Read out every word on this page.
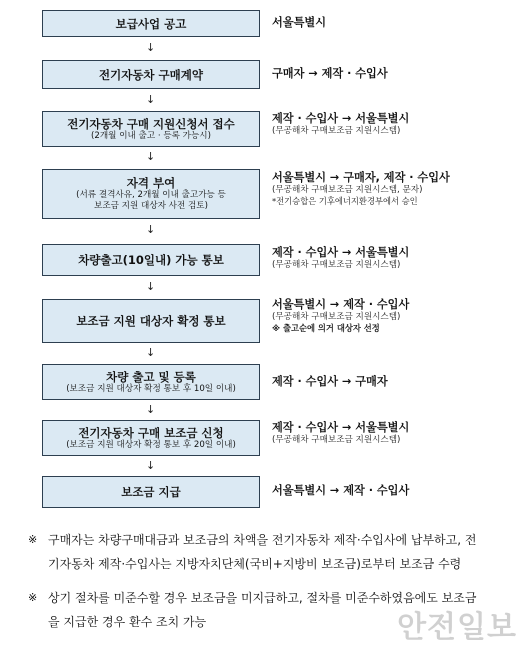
보급사업 공고	서울특별시
↓
전기자동차 구매계약	구매자 → 제작 · 수입사
↓
전기자동차 구매 지원신청서 접수
(2개월 이내 출고 · 등록 가능시)
제작 · 수입사 → 서울특별시
(무공해차 구매보조금 지원시스템)
↓
자격 부여
(서류 결격사유, 2개월 이내 출고가능 등
보조금 지원 대상자 사전 검토)
서울특별시 → 구매자, 제작 · 수입사
(무공해차 구매보조금 지원시스템, 문자)
*전기승합은 기후에너지환경부에서 승인
↓
차량출고(10일내) 가능 통보
제작 · 수입사 → 서울특별시
(무공해차 구매보조금 지원시스템)
↓
보조금 지원 대상자 확정 통보
서울특별시 → 제작 · 수입사
(무공해차 구매보조금 지원시스템)
※ 출고순에 의거 대상자 선정
↓
차량 출고 및 등록
(보조금 지원 대상자 확정 통보 후 10일 이내)
제작 · 수입사 → 구매자
↓
전기자동차 구매 보조금 신청
(보조금 지원 대상자 확정 통보 후 20일 이내)
제작 · 수입사 → 서울특별시
(무공해차 구매보조금 지원시스템)
↓
보조금 지급	서울특별시 → 제작 · 수입사
※ 구매자는 차량구매대금과 보조금의 차액을 전기자동차 제작·수입사에 납부하고, 전
기자동차 제작·수입사는 지방자치단체(국비+지방비 보조금)로부터 보조금 수령
※ 상기 절차를 미준수할 경우 보조금을 미지급하고, 절차를 미준수하였음에도 보조금
을 지급한 경우 환수 조치 가능	안전일보
